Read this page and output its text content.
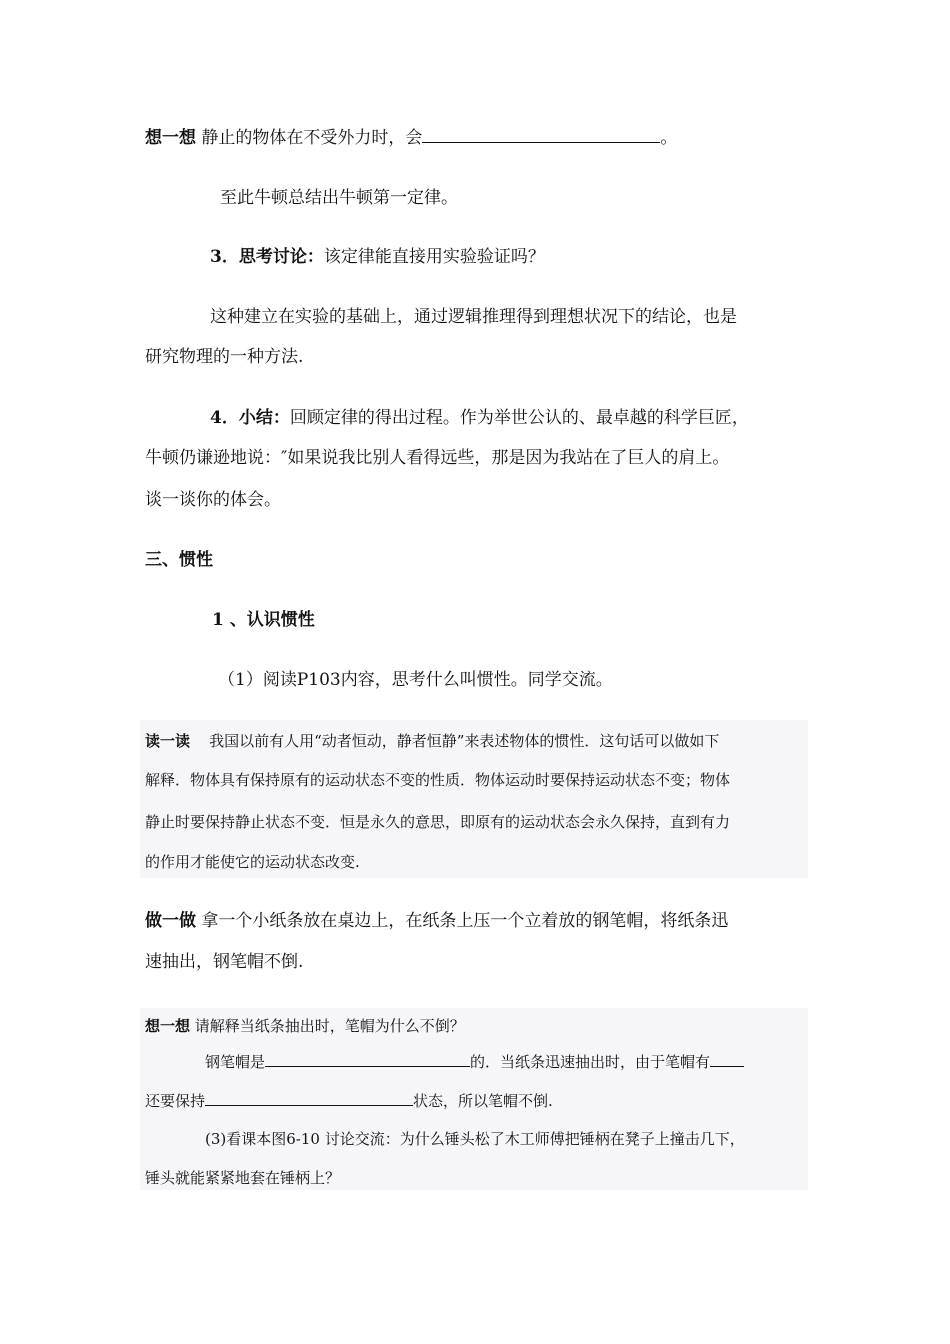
想一想 静止的物体在不受外力时，会	。
至此牛顿总结出牛顿第一定律。
3．思考讨论：该定律能直接用实验验证吗？
这种建立在实验的基础上，通过逻辑推理得到理想状况下的结论，也是
研究物理的一种方法.
4．小结：回顾定律的得出过程。作为举世公认的、最卓越的科学巨匠，
牛顿仍谦逊地说：″如果说我比别人看得远些，那是因为我站在了巨人的肩上。
谈一谈你的体会。
三、惯性
1 、认识惯性
（1）阅读P103内容，思考什么叫惯性。同学交流。
读一读 我国以前有人用“动者恒动，静者恒静”来表述物体的惯性．这句话可以做如下
解释．物体具有保持原有的运动状态不变的性质．物体运动时要保持运动状态不变；物体
静止时要保持静止状态不变．恒是永久的意思，即原有的运动状态会永久保持，直到有力
的作用才能使它的运动状态改变.
做一做 拿一个小纸条放在桌边上，在纸条上压一个立着放的钢笔帽，将纸条迅
速抽出，钢笔帽不倒.
想一想 请解释当纸条抽出时，笔帽为什么不倒？
钢笔帽是	的．当纸条迅速抽出时，由于笔帽有
还要保持	状态，所以笔帽不倒.
(3)看课本图6-10 讨论交流：为什么锤头松了木工师傅把锤柄在凳子上撞击几下，
锤头就能紧紧地套在锤柄上？
